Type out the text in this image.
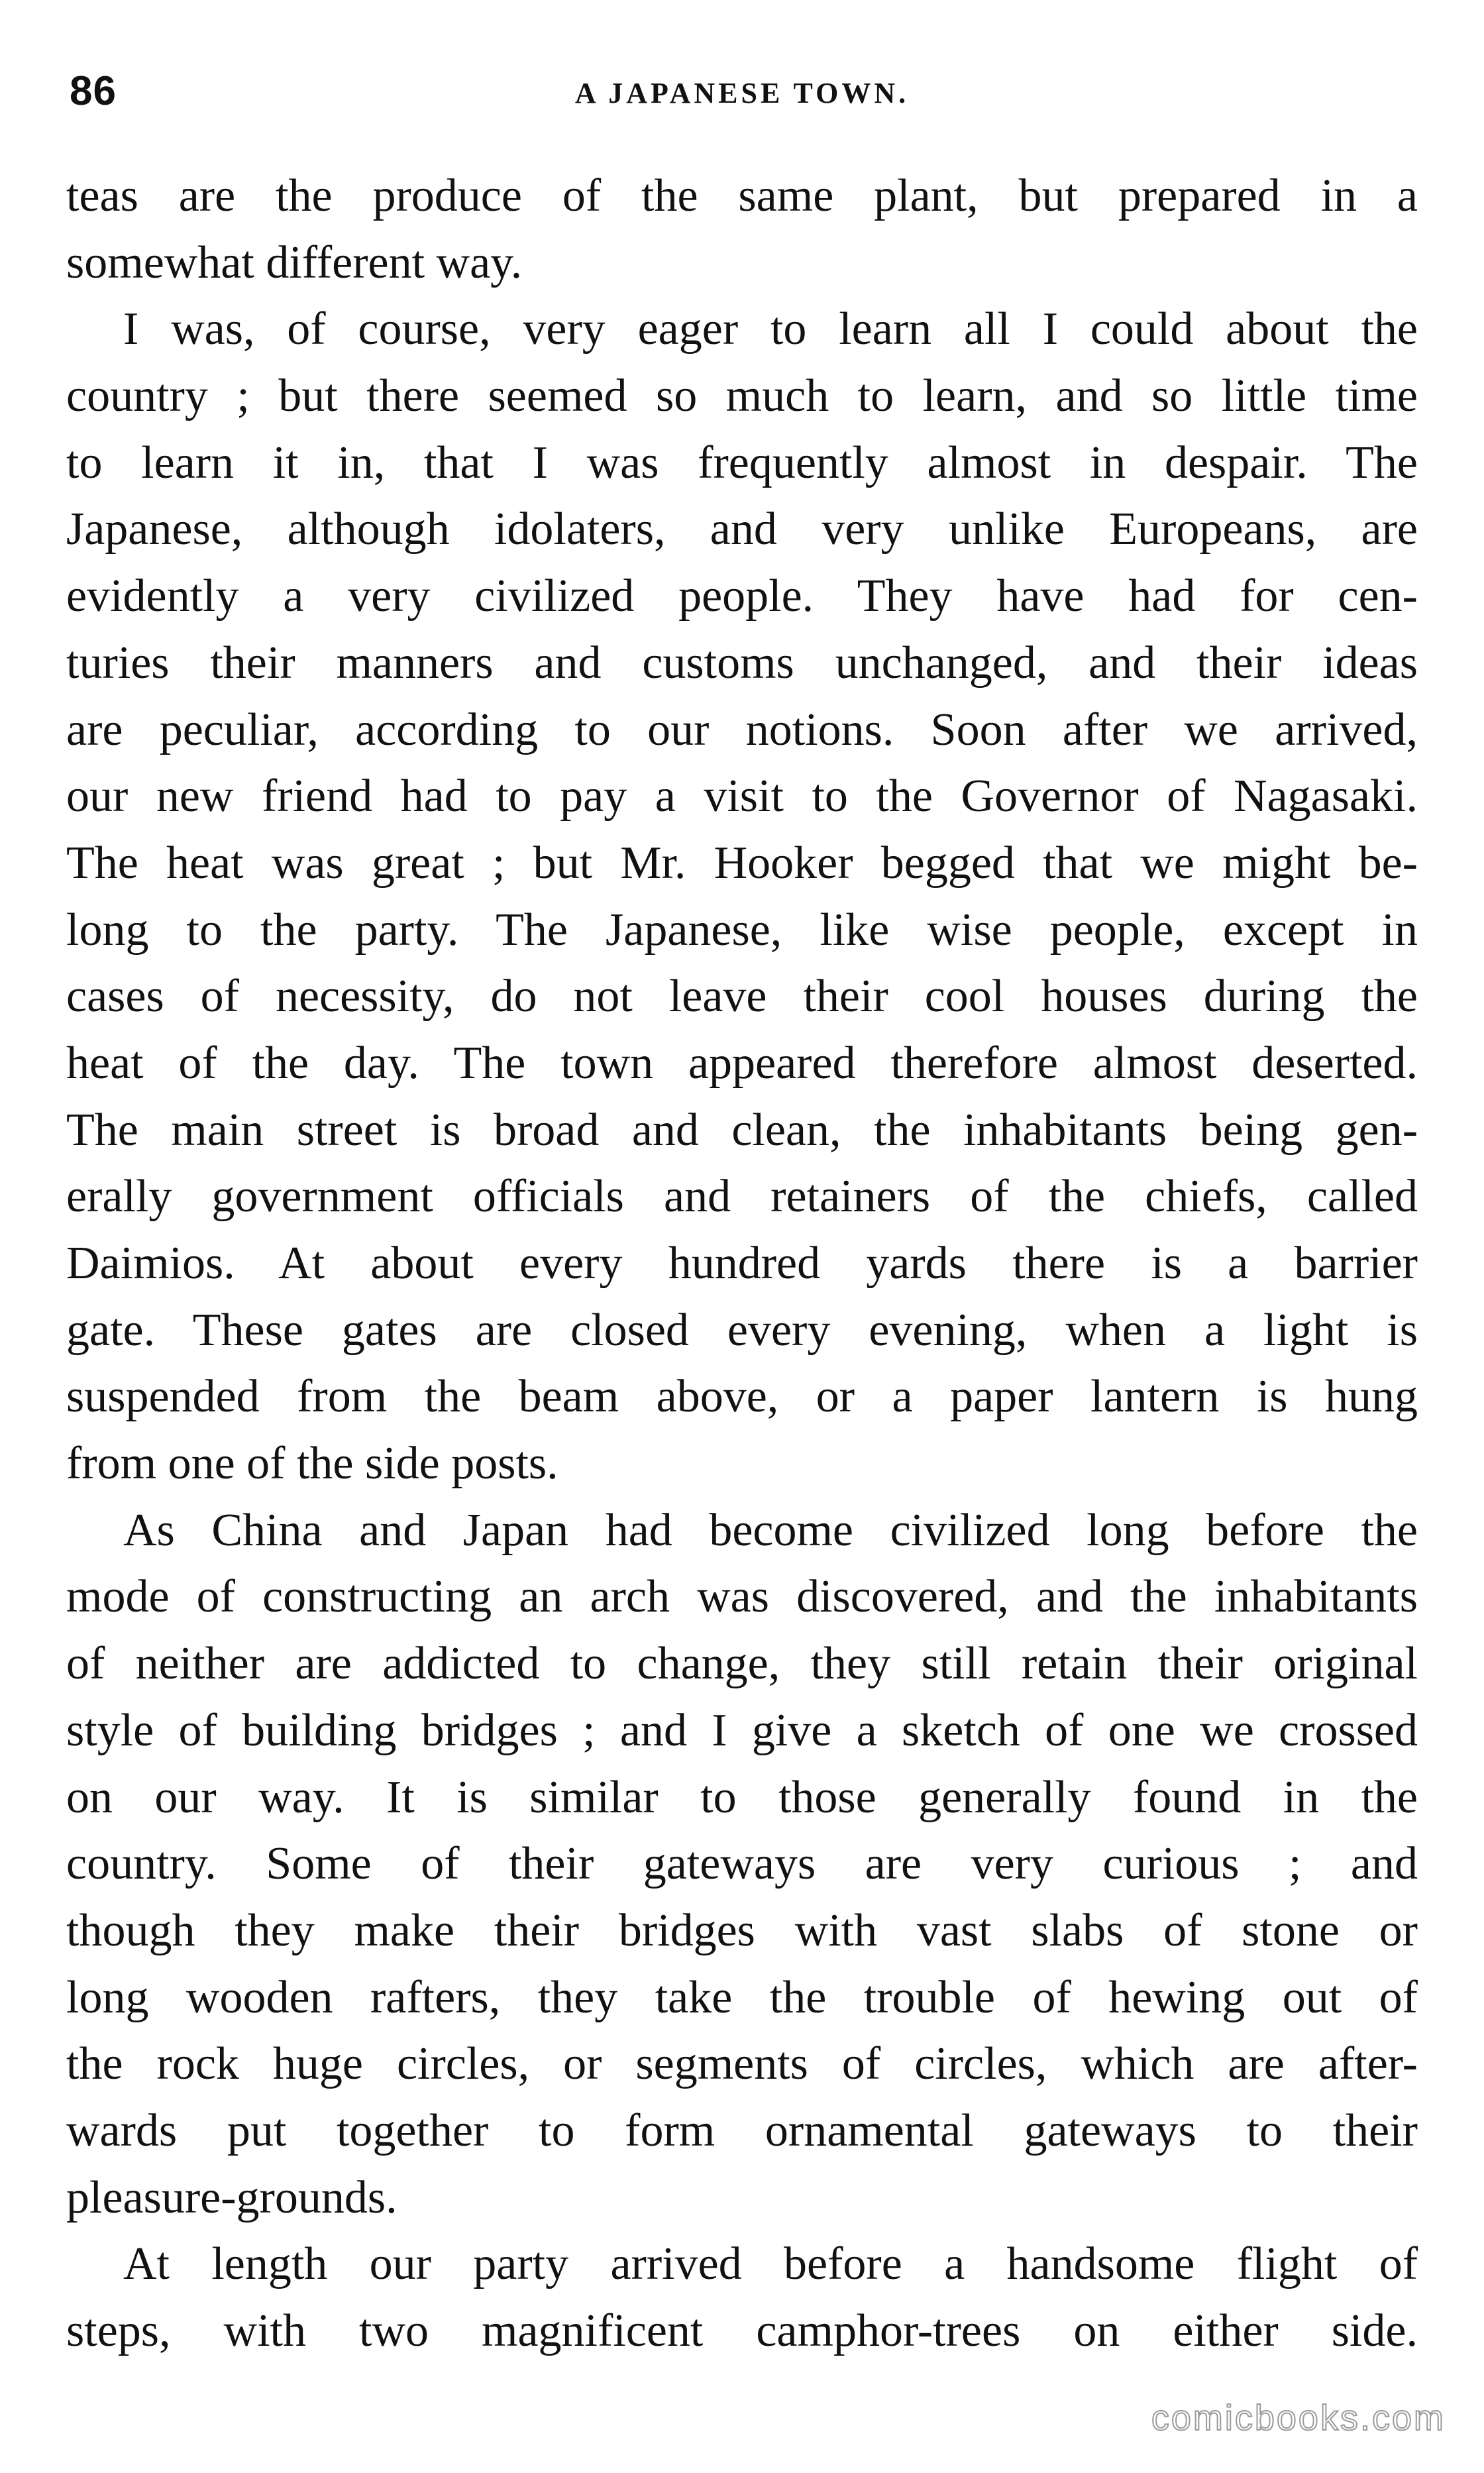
86	A JAPANESE TOWN.
teas are the produce of the same plant, but prepared in a
somewhat different way.
I was, of course, very eager to learn all I could about the
country ; but there seemed so much to learn, and so little time
to learn it in, that I was frequently almost in despair. The
Japanese, although idolaters, and very unlike Europeans, are
evidently a very civilized people. They have had for cen-
turies their manners and customs unchanged, and their ideas
are peculiar, according to our notions. Soon after we arrived,
our new friend had to pay a visit to the Governor of Nagasaki.
The heat was great ; but Mr. Hooker begged that we might be-
long to the party. The Japanese, like wise people, except in
cases of necessity, do not leave their cool houses during the
heat of the day. The town appeared therefore almost deserted.
The main street is broad and clean, the inhabitants being gen-
erally government officials and retainers of the chiefs, called
Daimios. At about every hundred yards there is a barrier
gate. These gates are closed every evening, when a light is
suspended from the beam above, or a paper lantern is hung
from one of the side posts.
As China and Japan had become civilized long before the
mode of constructing an arch was discovered, and the inhabitants
of neither are addicted to change, they still retain their original
style of building bridges ; and I give a sketch of one we crossed
on our way. It is similar to those generally found in the
country. Some of their gateways are very curious ; and
though they make their bridges with vast slabs of stone or
long wooden rafters, they take the trouble of hewing out of
the rock huge circles, or segments of circles, which are after-
wards put together to form ornamental gateways to their
pleasure-grounds.
At length our party arrived before a handsome flight of
steps, with two magnificent camphor-trees on either side.
comicbooks.com
